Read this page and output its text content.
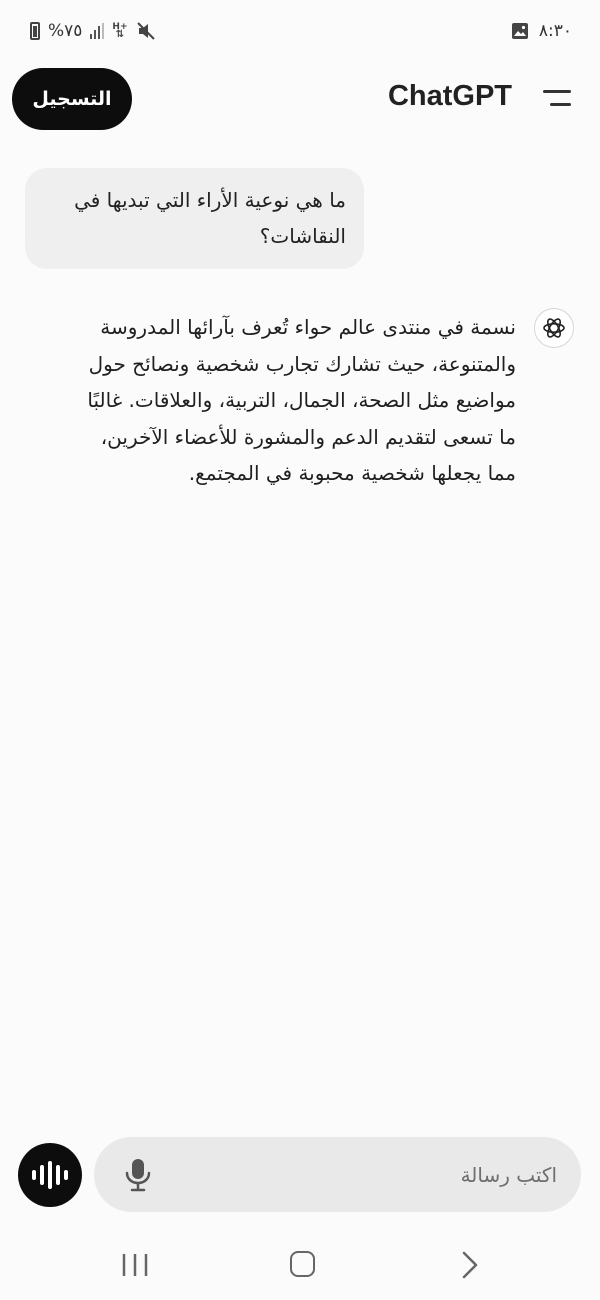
%٧٥	H+
⇅	٨:٣٠
التسجيل	ChatGPT
ما هي نوعية الأراء التي تبديها في النقاشات؟
نسمة في منتدى عالم حواء تُعرف بآرائها المدروسة والمتنوعة، حيث تشارك تجارب شخصية ونصائح حول مواضيع مثل الصحة، الجمال، التربية، والعلاقات. غالبًا ما تسعى لتقديم الدعم والمشورة للأعضاء الآخرين، مما يجعلها شخصية محبوبة في المجتمع.
اكتب رسالة
